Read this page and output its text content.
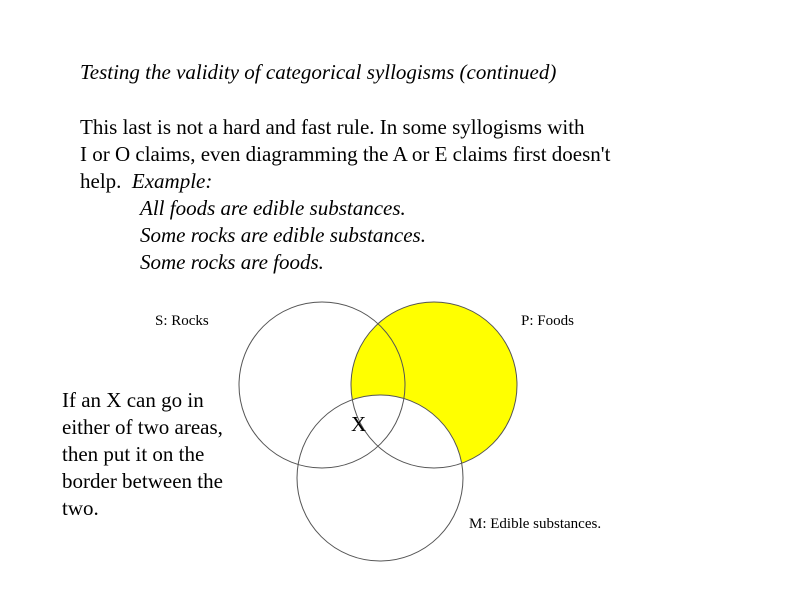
Testing the validity of categorical syllogisms (continued)
This last is not a hard and fast rule. In some syllogisms with
I or O claims, even diagramming the A or E claims first doesn't
help.  Example:
All foods are edible substances.
Some rocks are edible substances.
Some rocks are foods.
S: Rocks	P: Foods
M: Edible substances.
X
If an X can go in
either of two areas,
then put it on the
border between the
two.
